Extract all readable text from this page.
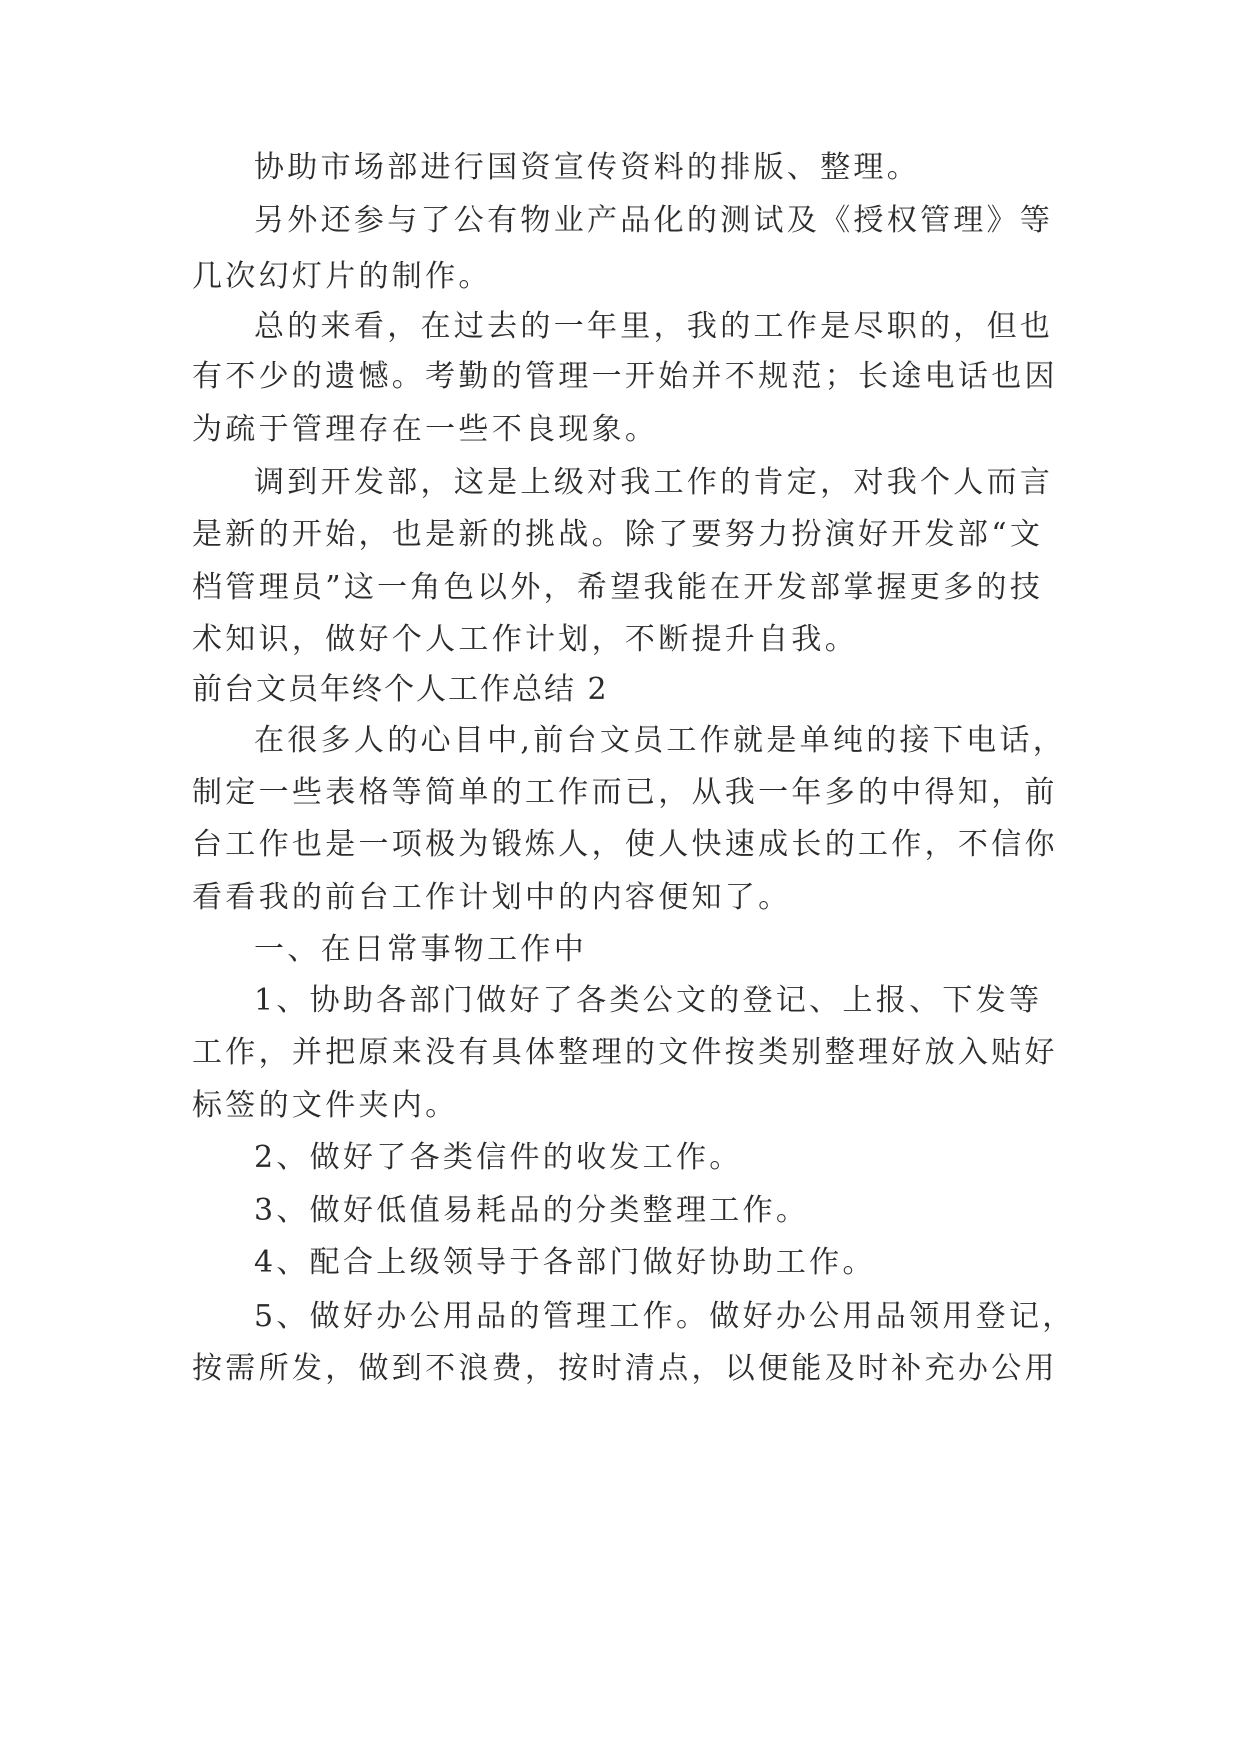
协助市场部进行国资宣传资料的排版、整理。

另外还参与了公有物业产品化的测试及《授权管理》等

几次幻灯片的制作。

总的来看，在过去的一年里，我的工作是尽职的，但也

有不少的遗憾。考勤的管理一开始并不规范；长途电话也因

为疏于管理存在一些不良现象。

调到开发部，这是上级对我工作的肯定，对我个人而言

是新的开始，也是新的挑战。除了要努力扮演好开发部“文

档管理员”这一角色以外，希望我能在开发部掌握更多的技

术知识，做好个人工作计划，不断提升自我。

前台文员年终个人工作总结 2

在很多人的心目中,前台文员工作就是单纯的接下电话，

制定一些表格等简单的工作而已，从我一年多的中得知，前

台工作也是一项极为锻炼人，使人快速成长的工作，不信你

看看我的前台工作计划中的内容便知了。

一、在日常事物工作中

1、协助各部门做好了各类公文的登记、上报、下发等

工作，并把原来没有具体整理的文件按类别整理好放入贴好

标签的文件夹内。

2、做好了各类信件的收发工作。

3、做好低值易耗品的分类整理工作。

4、配合上级领导于各部门做好协助工作。

5、做好办公用品的管理工作。做好办公用品领用登记，

按需所发，做到不浪费，按时清点，以便能及时补充办公用
